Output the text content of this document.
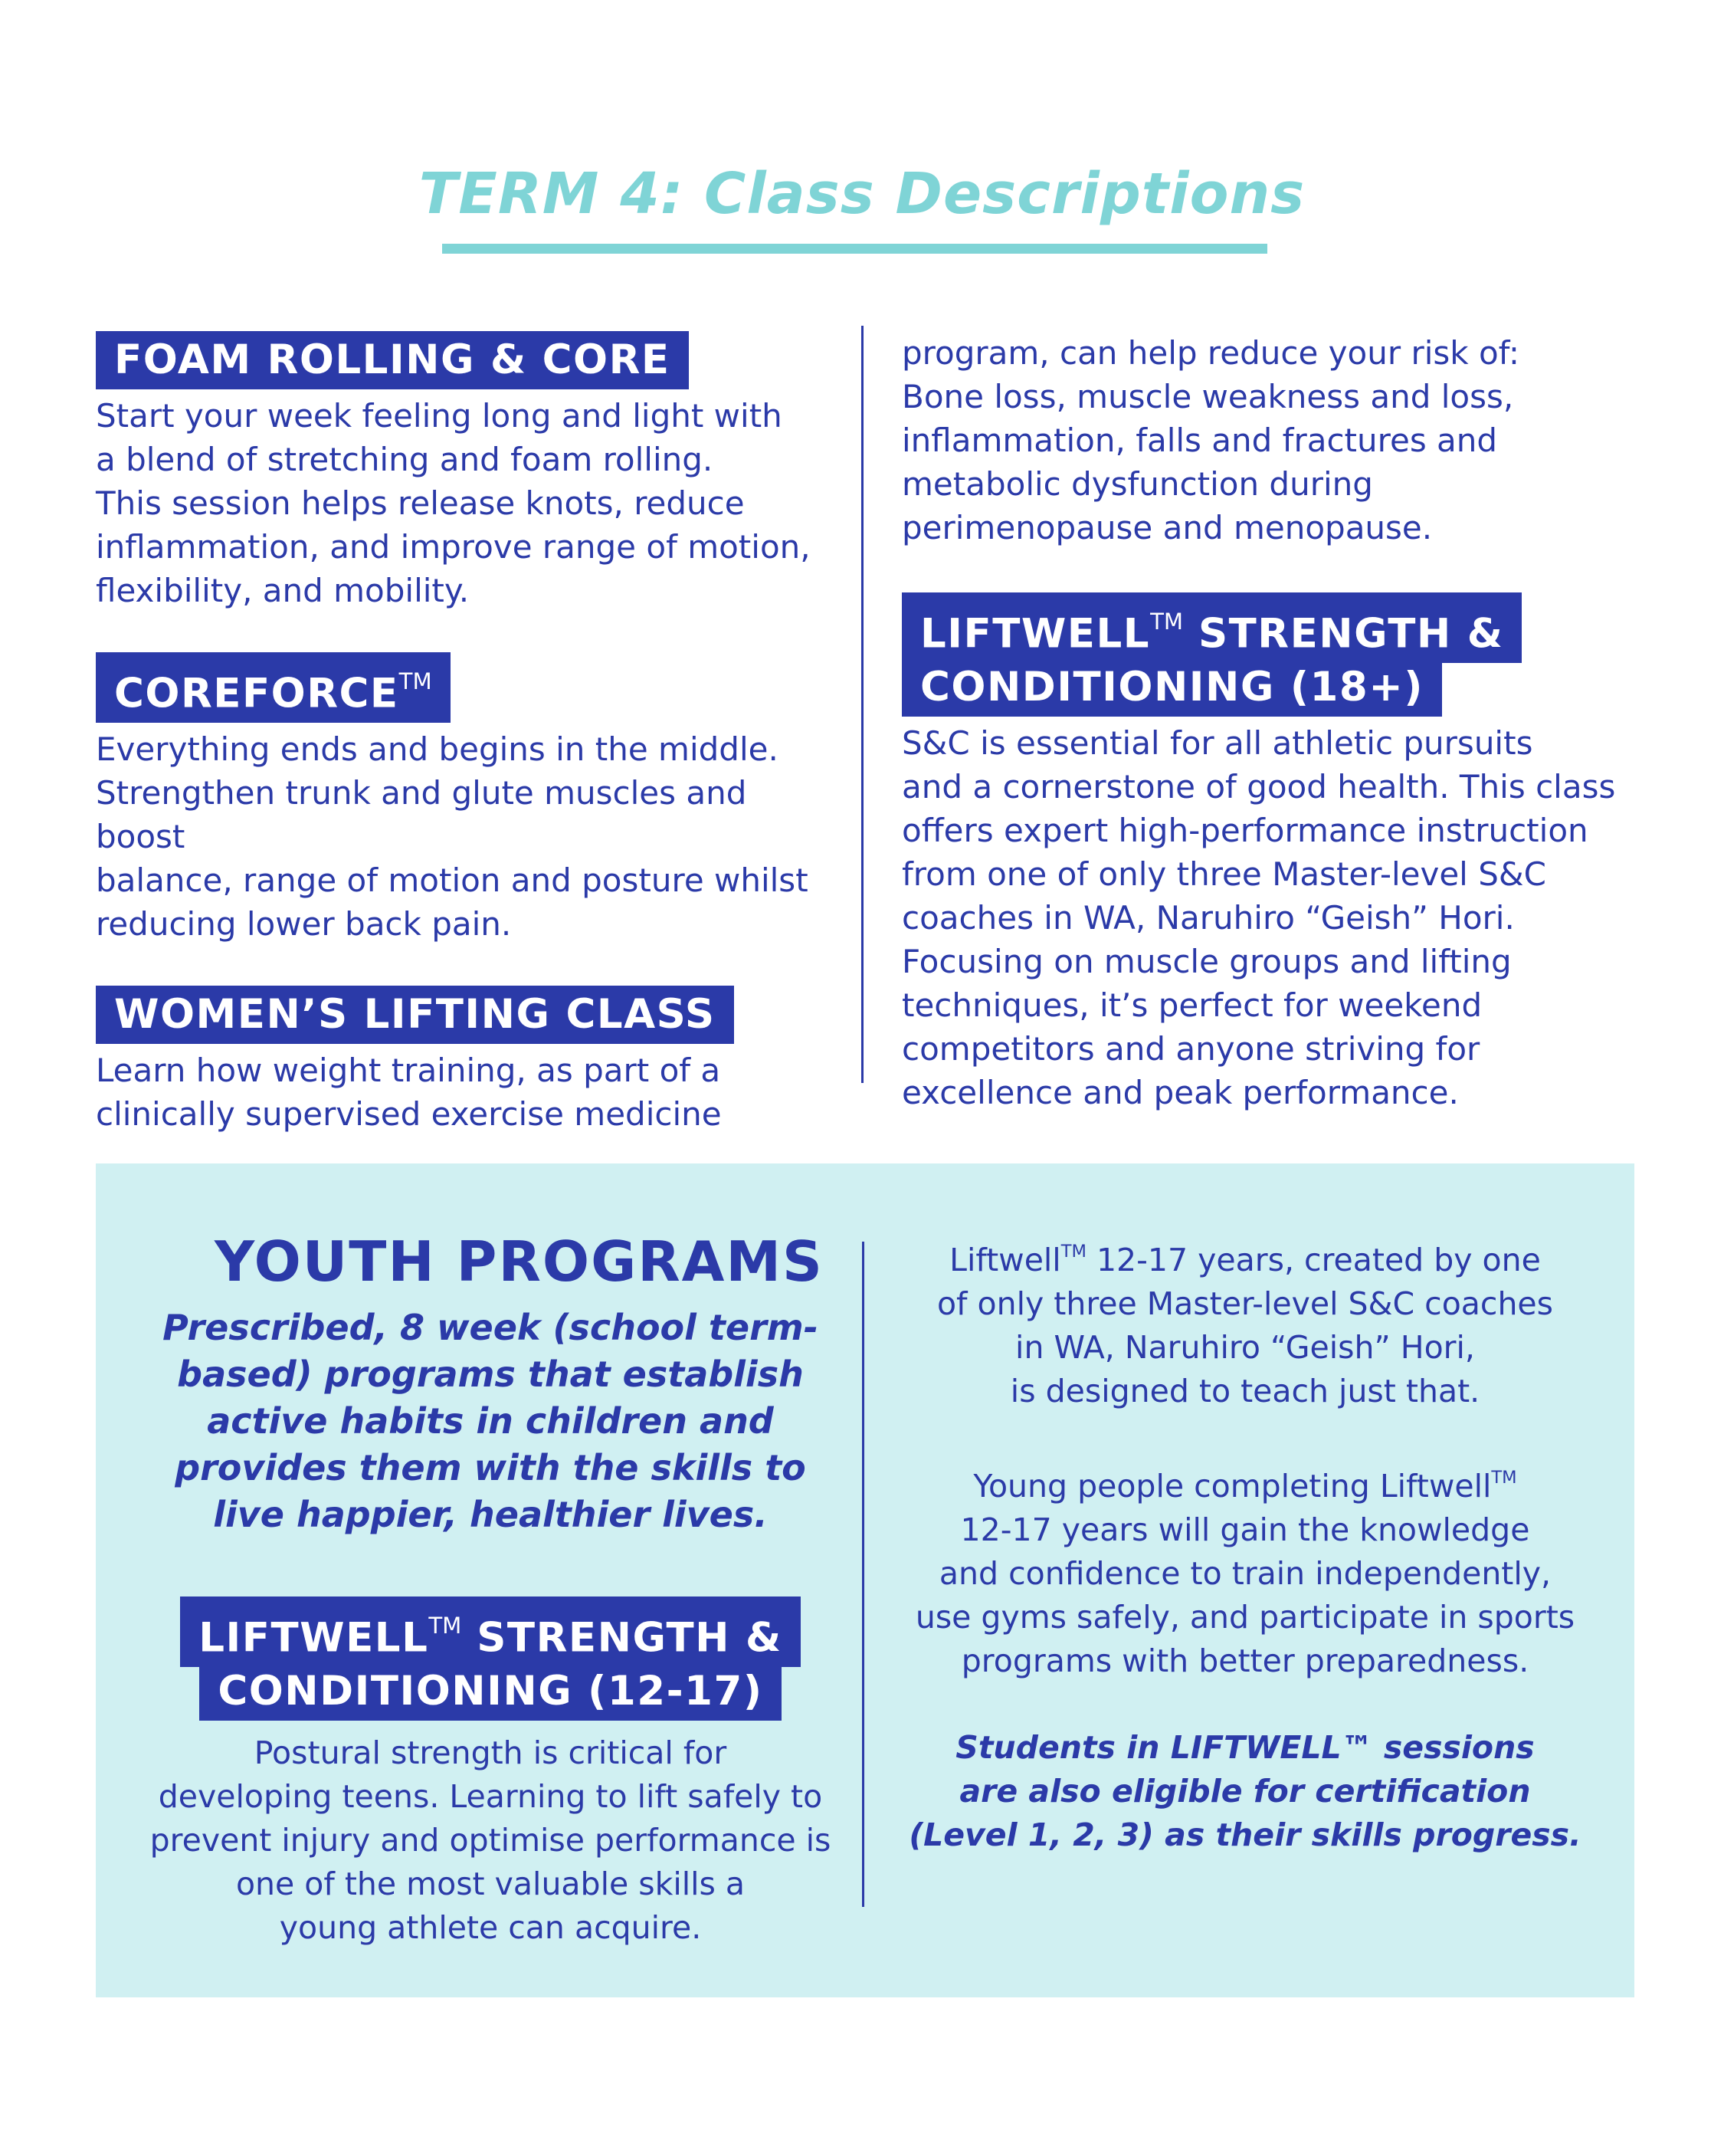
TERM 4: Class Descriptions
FOAM ROLLING & CORE
Start your week feeling long and light with
a blend of stretching and foam rolling.
This session helps release knots, reduce
inflammation, and improve range of motion,
flexibility, and mobility.
COREFORCE™
Everything ends and begins in the middle.
Strengthen trunk and glute muscles and boost
balance, range of motion and posture whilst
reducing lower back pain.
WOMEN’S LIFTING CLASS
Learn how weight training, as part of a
clinically supervised exercise medicine
program, can help reduce your risk of:
Bone loss, muscle weakness and loss,
inflammation, falls and fractures and
metabolic dysfunction during
perimenopause and menopause.
LIFTWELL™ STRENGTH &
CONDITIONING (18+)
S&C is essential for all athletic pursuits
and a cornerstone of good health. This class
offers expert high-performance instruction
from one of only three Master-level S&C
coaches in WA, Naruhiro “Geish” Hori.
Focusing on muscle groups and lifting
techniques, it’s perfect for weekend
competitors and anyone striving for
excellence and peak performance.
YOUTH PROGRAMS
Prescribed, 8 week (school term-
based) programs that establish
active habits in children and
provides them with the skills to
live happier, healthier lives.
LIFTWELL™ STRENGTH &
CONDITIONING (12-17)
Postural strength is critical for
developing teens. Learning to lift safely to
prevent injury and optimise performance is
one of the most valuable skills a
young athlete can acquire.
Liftwell™ 12-17 years, created by one
of only three Master-level S&C coaches
in WA, Naruhiro “Geish” Hori,
is designed to teach just that.
Young people completing Liftwell™
12-17 years will gain the knowledge
and confidence to train independently,
use gyms safely, and participate in sports
programs with better preparedness.
Students in LIFTWELL™ sessions
are also eligible for certification
(Level 1, 2, 3) as their skills progress.
